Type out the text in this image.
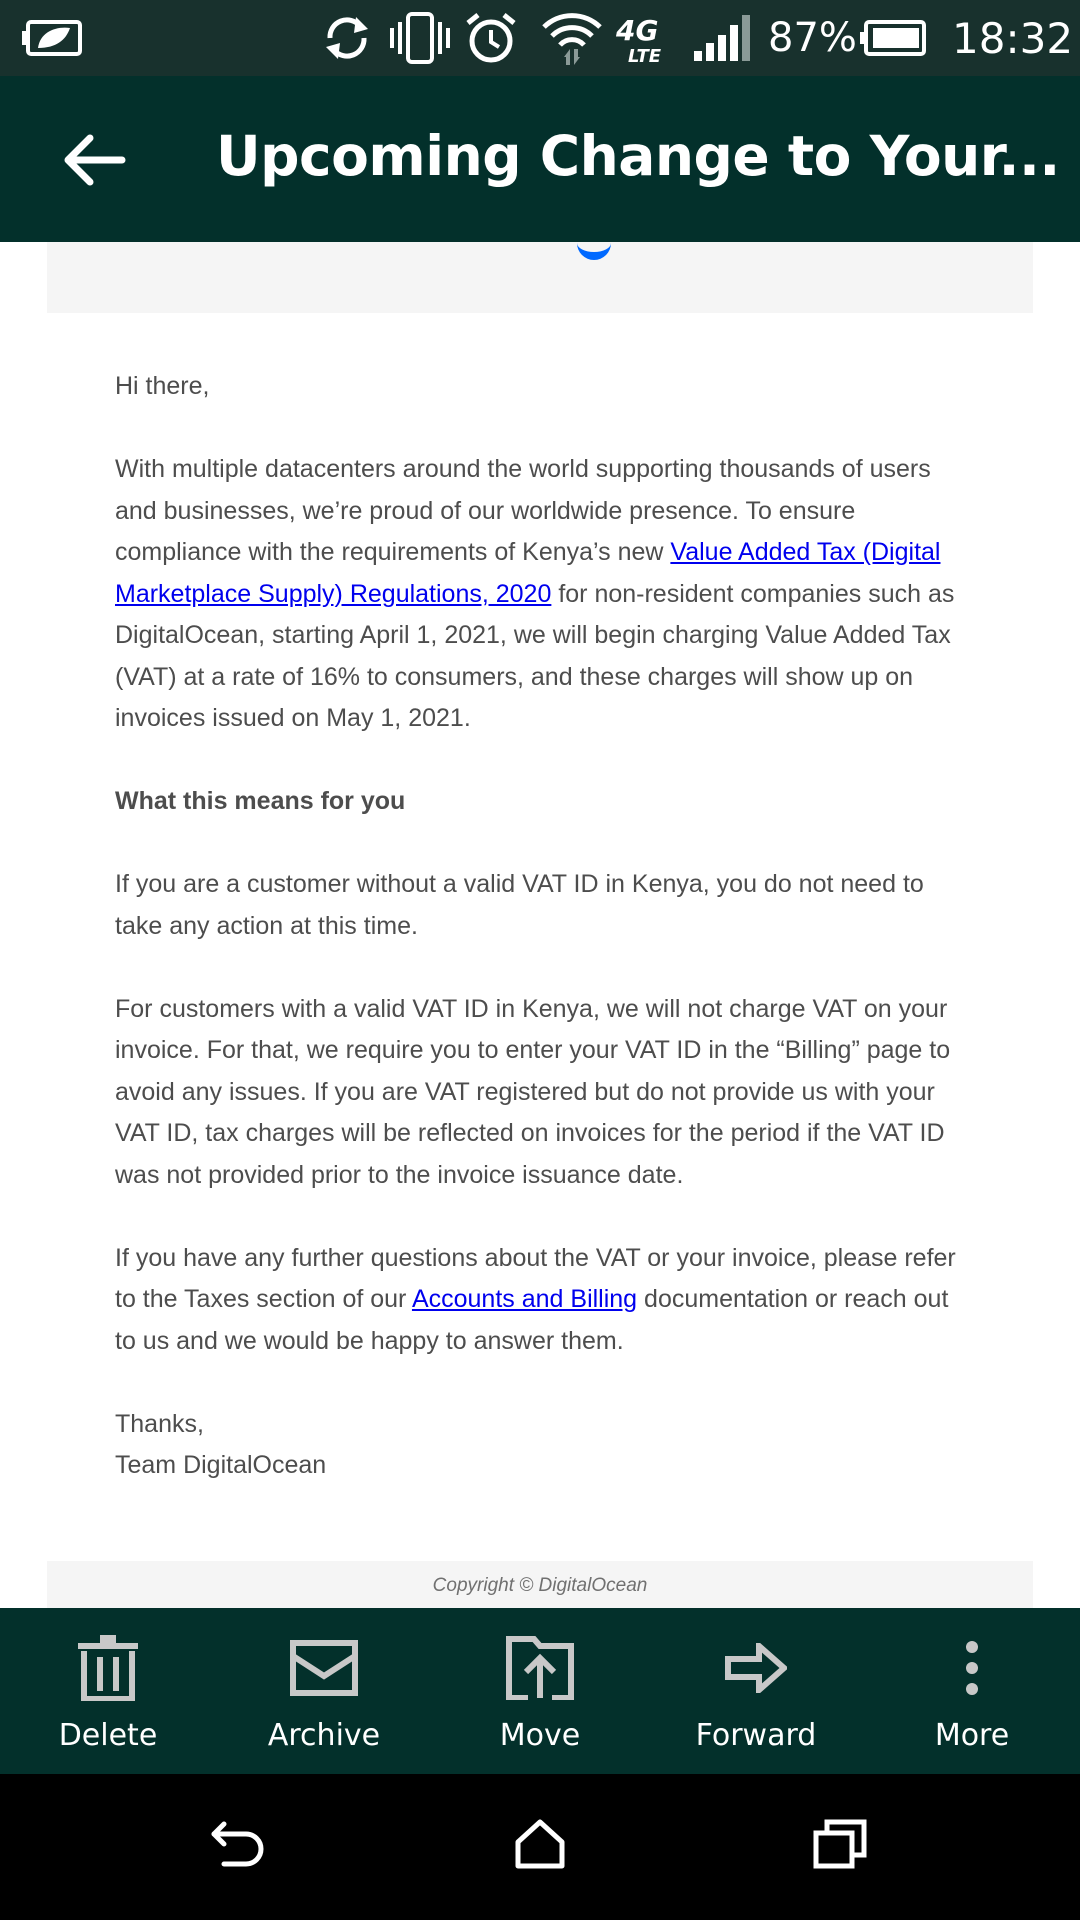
4G
LTE	87% 18:32
Upcoming Change to Your...

Hi there,

With multiple datacenters around the world supporting thousands of users and businesses, we’re proud of our worldwide presence. To ensure compliance with the requirements of Kenya’s new Value Added Tax (Digital Marketplace Supply) Regulations, 2020 for non-resident companies such as DigitalOcean, starting April 1, 2021, we will begin charging Value Added Tax (VAT) at a rate of 16% to consumers, and these charges will show up on invoices issued on May 1, 2021.

What this means for you

If you are a customer without a valid VAT ID in Kenya, you do not need to take any action at this time.

For customers with a valid VAT ID in Kenya, we will not charge VAT on your invoice. For that, we require you to enter your VAT ID in the “Billing” page to avoid any issues. If you are VAT registered but do not provide us with your VAT ID, tax charges will be reflected on invoices for the period if the VAT ID was not provided prior to the invoice issuance date.

If you have any further questions about the VAT or your invoice, please refer to the Taxes section of our Accounts and Billing documentation or reach out to us and we would be happy to answer them.

Thanks,
Team DigitalOcean
Copyright © DigitalOcean
Delete	Archive	Move	Forward	More
